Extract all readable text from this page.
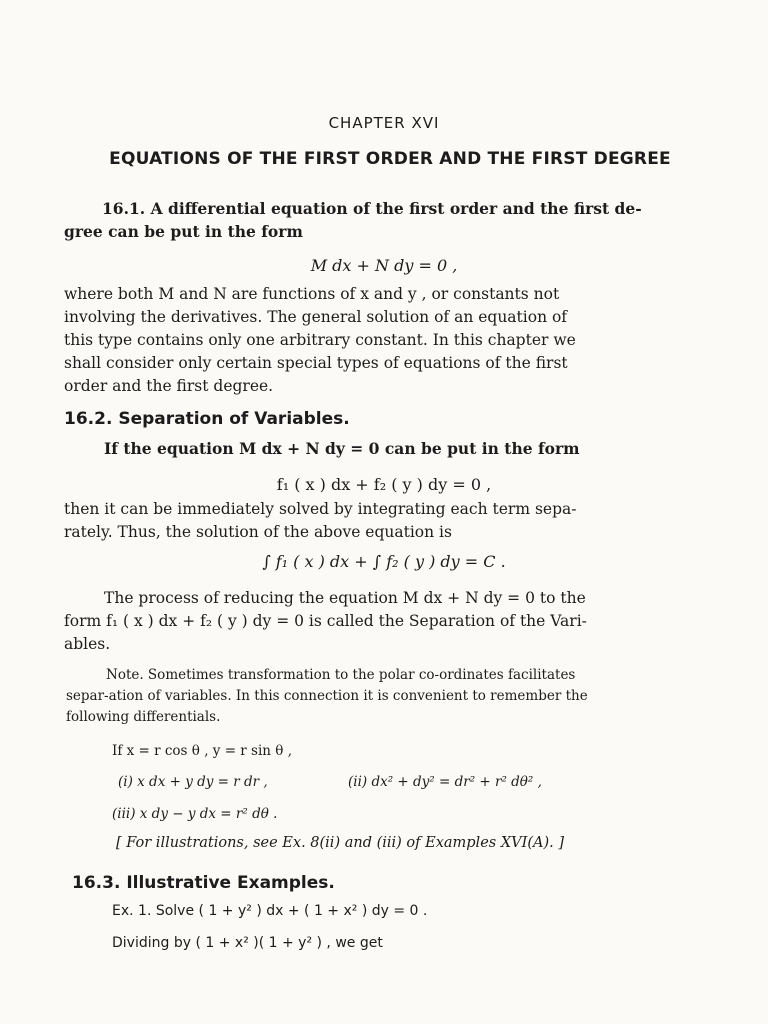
CHAPTER XVI
EQUATIONS OF THE FIRST ORDER AND THE FIRST DEGREE
16.1. A differential equation of the first order and the first de-
gree can be put in the form
M dx + N dy = 0 ,
where both M and N are functions of x and y , or constants not
involving the derivatives. The general solution of an equation of
this type contains only one arbitrary constant. In this chapter we
shall consider only certain special types of equations of the first
order and the first degree.
16.2. Separation of Variables.
If the equation M dx + N dy = 0 can be put in the form
f₁ ( x ) dx + f₂ ( y ) dy = 0 ,
then it can be immediately solved by integrating each term sepa-
rately. Thus, the solution of the above equation is
∫ f₁ ( x ) dx + ∫ f₂ ( y ) dy = C .
The process of reducing the equation M dx + N dy = 0 to the
form f₁ ( x ) dx + f₂ ( y ) dy = 0 is called the Separation of the Vari-
ables.
Note. Sometimes transformation to the polar co-ordinates facilitates
separ-ation of variables. In this connection it is convenient to remember the
following differentials.
If x = r cos θ , y = r sin θ ,
(i) x dx + y dy = r dr ,	(ii) dx² + dy² = dr² + r² dθ² ,
(iii) x dy − y dx = r² dθ .
[ For illustrations, see Ex. 8(ii) and (iii) of Examples XVI(A). ]
16.3. Illustrative Examples.
Ex. 1. Solve ( 1 + y² ) dx + ( 1 + x² ) dy = 0 .
Dividing by ( 1 + x² )( 1 + y² ) , we get
